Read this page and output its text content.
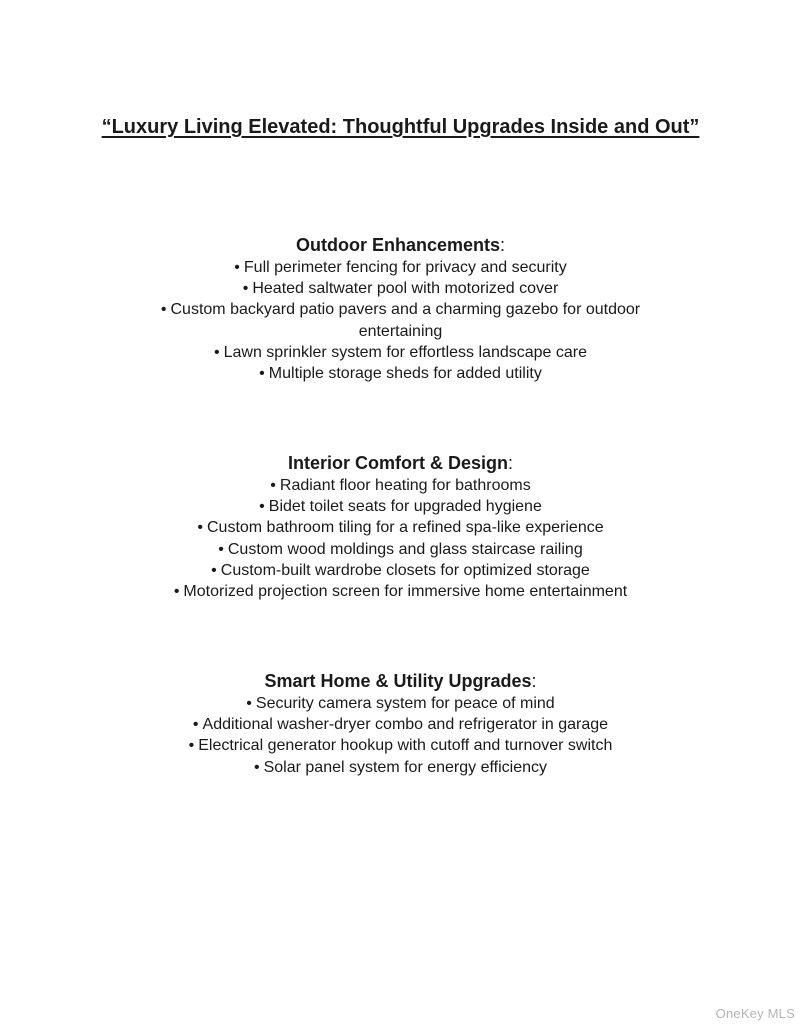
“Luxury Living Elevated: Thoughtful Upgrades Inside and Out”

Outdoor Enhancements:

• Full perimeter fencing for privacy and security
• Heated saltwater pool with motorized cover
• Custom backyard patio pavers and a charming gazebo for outdoor entertaining
• Lawn sprinkler system for effortless landscape care
• Multiple storage sheds for added utility

Interior Comfort & Design:

• Radiant floor heating for bathrooms
• Bidet toilet seats for upgraded hygiene
• Custom bathroom tiling for a refined spa-like experience
• Custom wood moldings and glass staircase railing
• Custom-built wardrobe closets for optimized storage
• Motorized projection screen for immersive home entertainment

Smart Home & Utility Upgrades:

• Security camera system for peace of mind
• Additional washer-dryer combo and refrigerator in garage
• Electrical generator hookup with cutoff and turnover switch
• Solar panel system for energy efficiency
OneKey MLS
